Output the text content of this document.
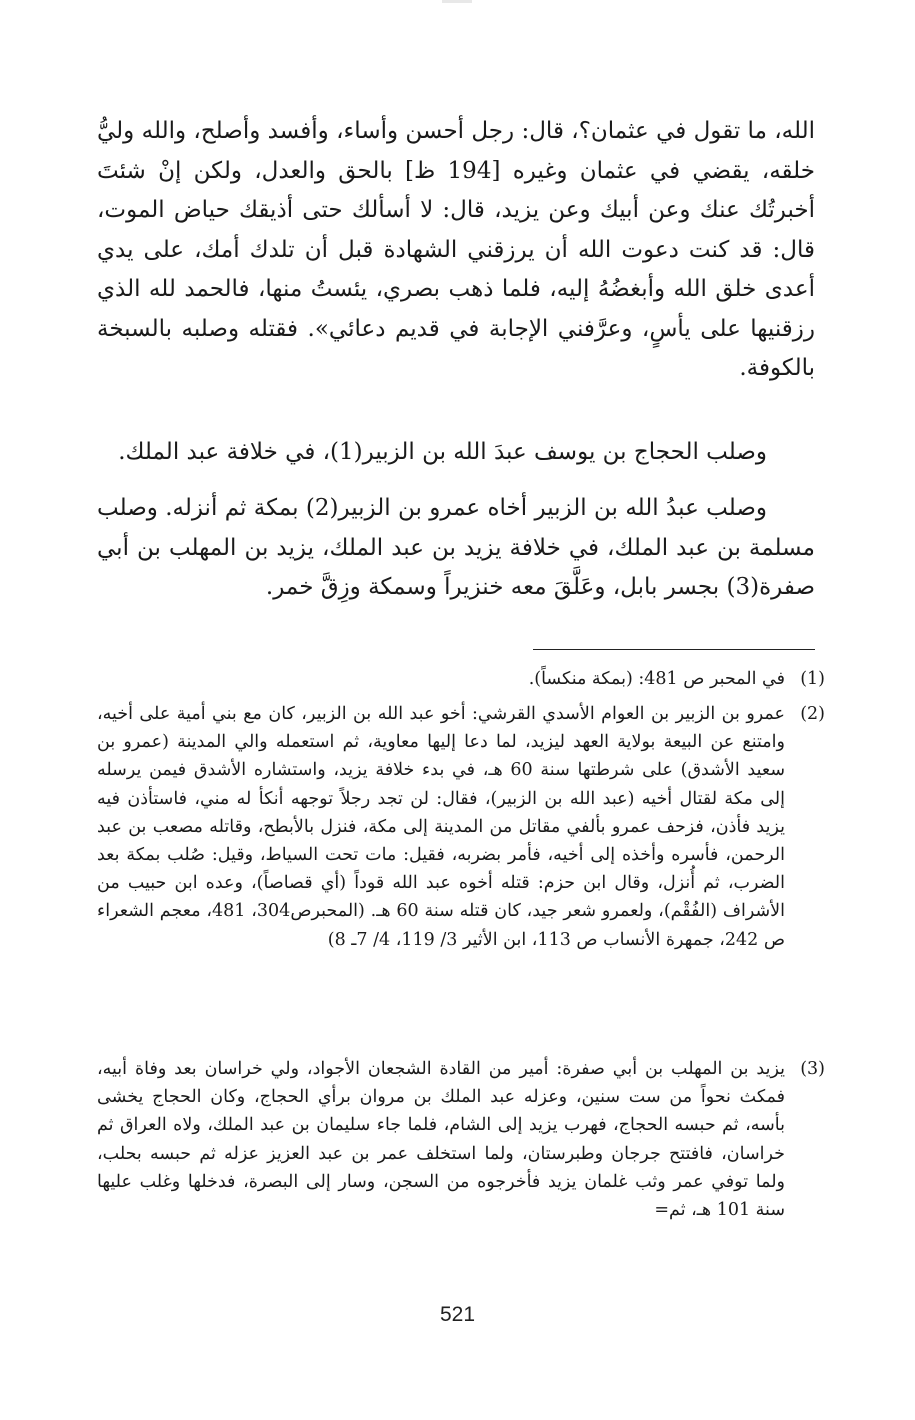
الله، ما تقول في عثمان؟، قال: رجل أحسن وأساء، وأفسد وأصلح، والله وليُّ خلقه، يقضي في عثمان وغيره [194 ظ] بالحق والعدل، ولكن إنْ شئتَ أخبرتُك عنك وعن أبيك وعن يزيد، قال: لا أسألك حتى أذيقك حياض الموت، قال: قد كنت دعوت الله أن يرزقني الشهادة قبل أن تلدك أمك، على يدي أعدى خلق الله وأبغضُهُ إليه، فلما ذهب بصري، يئستُ منها، فالحمد لله الذي رزقنيها على يأسٍ، وعرَّفني الإجابة في قديم دعائي». فقتله وصلبه بالسبخة بالكوفة.

وصلب الحجاج بن يوسف عبدَ الله بن الزبير(1)، في خلافة عبد الملك.

وصلب عبدُ الله بن الزبير أخاه عمرو بن الزبير(2) بمكة ثم أنزله. وصلب مسلمة بن عبد الملك، في خلافة يزيد بن عبد الملك، يزيد بن المهلب بن أبي صفرة(3) بجسر بابل، وعَلَّقَ معه خنزيراً وسمكة وزِقَّ خمر.

(1)
في المحبر ص 481: (بمكة منكساً).
(2)
عمرو بن الزبير بن العوام الأسدي القرشي: أخو عبد الله بن الزبير، كان مع بني أمية على أخيه، وامتنع عن البيعة بولاية العهد ليزيد، لما دعا إليها معاوية، ثم استعمله والي المدينة (عمرو بن سعيد الأشدق) على شرطتها سنة 60 هـ، في بدء خلافة يزيد، واستشاره الأشدق فيمن يرسله إلى مكة لقتال أخيه (عبد الله بن الزبير)، فقال: لن تجد رجلاً توجهه أنكأ له مني، فاستأذن فيه يزيد فأذن، فزحف عمرو بألفي مقاتل من المدينة إلى مكة، فنزل بالأبطح، وقاتله مصعب بن عبد الرحمن، فأسره وأخذه إلى أخيه، فأمر بضربه، فقيل: مات تحت السياط، وقيل: صُلب بمكة بعد الضرب، ثم أُنزل، وقال ابن حزم: قتله أخوه عبد الله قوداً (أي قصاصاً)، وعده ابن حبيب من الأشراف (الفُقْم)، ولعمرو شعر جيد، كان قتله سنة 60 هـ. (المحبرص304، 481، معجم الشعراء ص 242، جمهرة الأنساب ص 113، ابن الأثير 3/ 119، 4/ 7ـ 8)
(3)
يزيد بن المهلب بن أبي صفرة: أمير من القادة الشجعان الأجواد، ولي خراسان بعد وفاة أبيه، فمكث نحواً من ست سنين، وعزله عبد الملك بن مروان برأي الحجاج، وكان الحجاج يخشى بأسه، ثم حبسه الحجاج، فهرب يزيد إلى الشام، فلما جاء سليمان بن عبد الملك، ولاه العراق ثم خراسان، فافتتح جرجان وطبرستان، ولما استخلف عمر بن عبد العزيز عزله ثم حبسه بحلب، ولما توفي عمر وثب غلمان يزيد فأخرجوه من السجن، وسار إلى البصرة، فدخلها وغلب عليها سنة 101 هـ، ثم=
521
